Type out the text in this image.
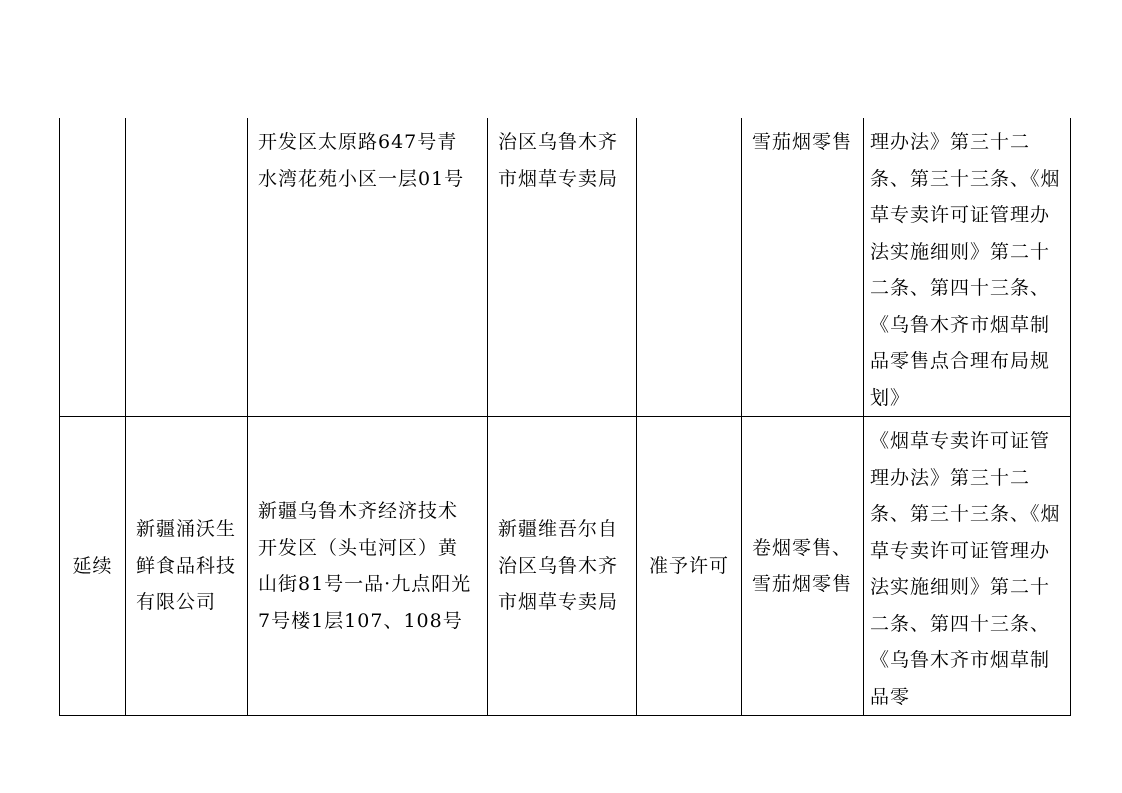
		开发区太原路647号青水湾花苑小区一层01号	治区乌鲁木齐市烟草专卖局		雪茄烟零售	理办法》第三十二条、第三十三条、《烟草专卖许可证管理办法实施细则》第二十二条、第四十三条、《乌鲁木齐市烟草制品零售点合理布局规划》
延续	新疆涌沃生鲜食品科技有限公司	新疆乌鲁木齐经济技术开发区（头屯河区）黄山街81号一品·九点阳光7号楼1层107、108号	新疆维吾尔自治区乌鲁木齐市烟草专卖局	准予许可	卷烟零售、雪茄烟零售	《烟草专卖许可证管理办法》第三十二条、第三十三条、《烟草专卖许可证管理办法实施细则》第二十二条、第四十三条、《乌鲁木齐市烟草制品零
